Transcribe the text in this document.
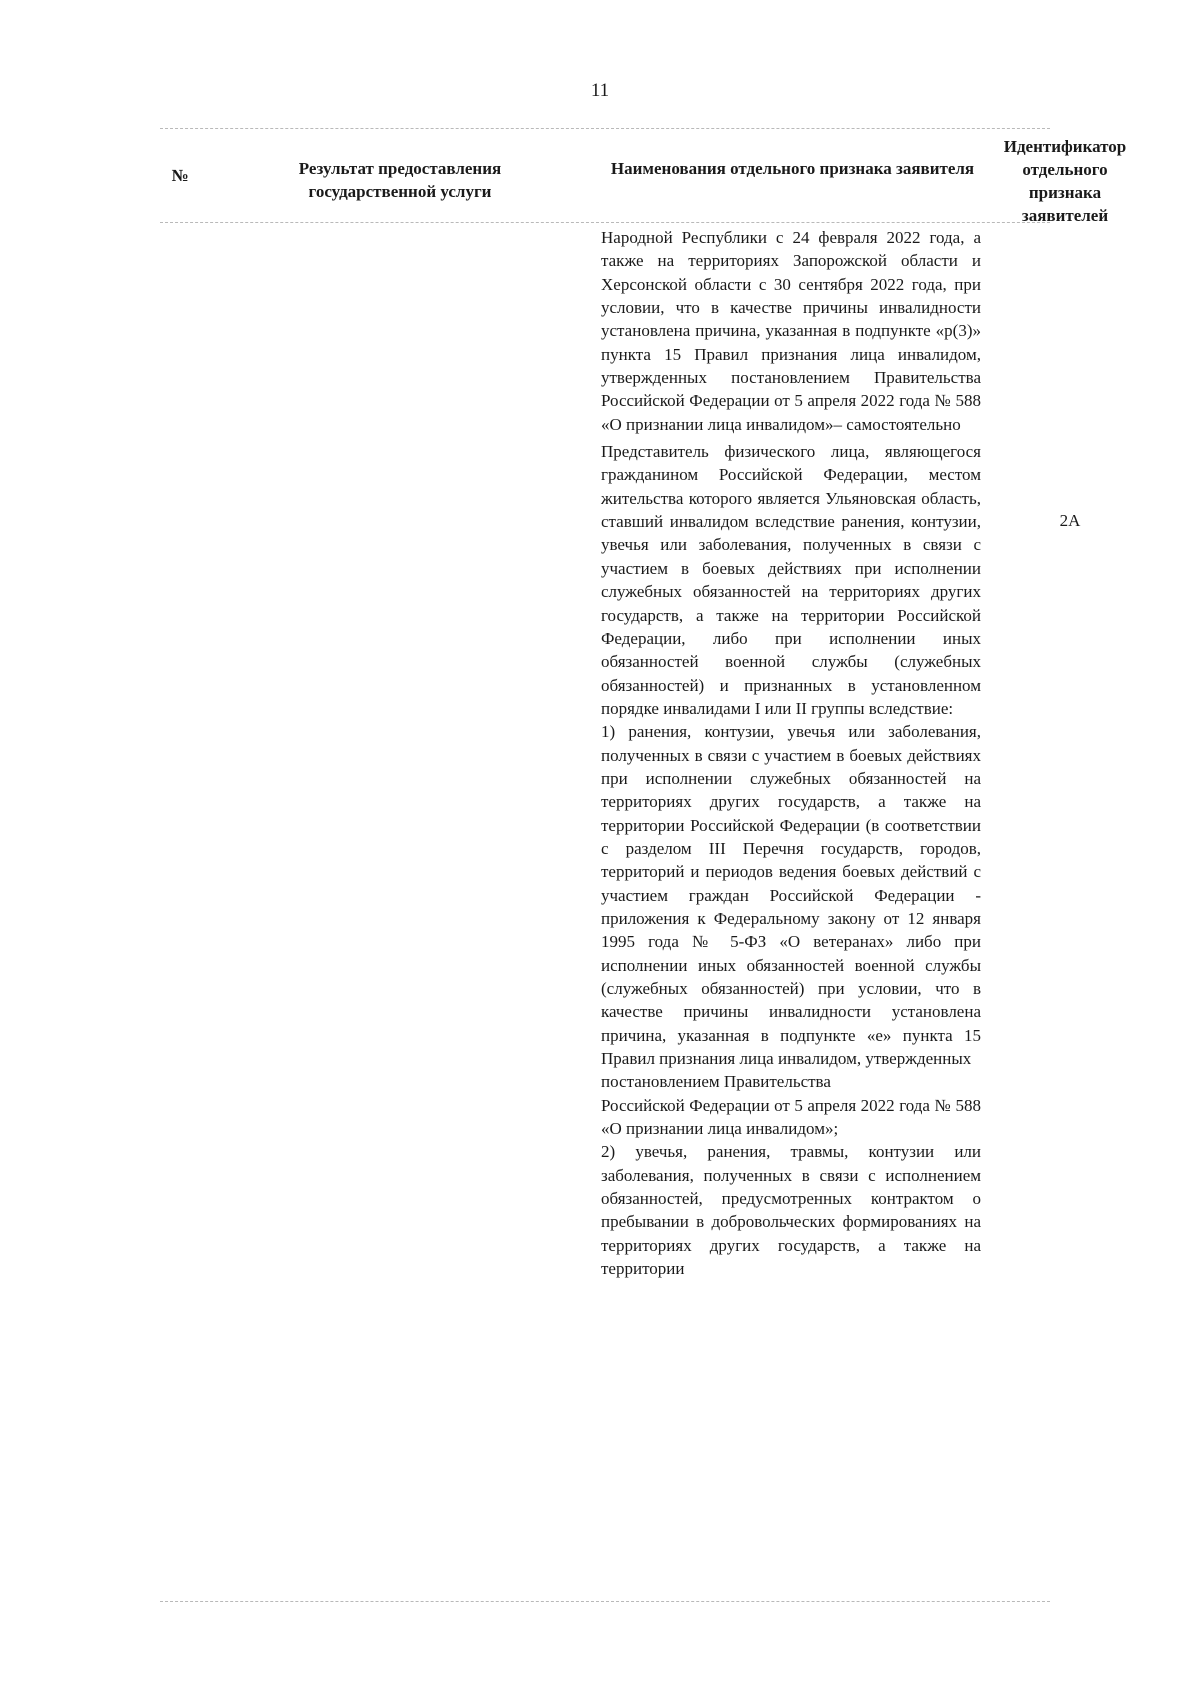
11
№	Результат предоставления государственной услуги
Наименования отдельного признака заявителя
Идентификатор отдельного признака заявителей

Народной Республики с 24 февраля 2022 года, а также на территориях Запорожской области и Херсонской области с 30 сентября 2022 года, при условии, что в качестве причины инвалидности установлена причина, указанная в подпункте «р(3)» пункта 15 Правил признания лица инвалидом, утвержденных постановлением Правительства Российской Федерации от 5 апреля 2022 года № 588 «О признании лица инвалидом»– самостоятельно

Представитель физического лица, являющегося гражданином Российской Федерации, местом жительства которого является Ульяновская область, ставший инвалидом вследствие ранения, контузии, увечья или заболевания, полученных в связи с участием в боевых действиях при исполнении служебных обязанностей на территориях других государств, а также на территории Российской Федерации, либо при исполнении иных обязанностей военной службы (служебных обязанностей) и признанных в установленном порядке инвалидами I или II группы вследствие:

1) ранения, контузии, увечья или заболевания, полученных в связи с участием в боевых действиях при исполнении служебных обязанностей на территориях других государств, а также на территории Российской Федерации (в соответствии с разделом III Перечня государств, городов, территорий и периодов ведения боевых действий с участием граждан Российской Федерации - приложения к Федеральному закону от 12 января 1995 года № 5-ФЗ «О ветеранах» либо при исполнении иных обязанностей военной службы (служебных обязанностей) при условии, что в качестве причины инвалидности установлена причина, указанная в подпункте «е» пункта 15 Правил признания лица инвалидом, утвержденных

постановлением Правительства

Российской Федерации от 5 апреля 2022 года № 588 «О признании лица инвалидом»;

2) увечья, ранения, травмы, контузии или заболевания, полученных в связи с исполнением обязанностей, предусмотренных контрактом о пребывании в добровольческих формированиях на территориях других государств, а также на территории

2А
